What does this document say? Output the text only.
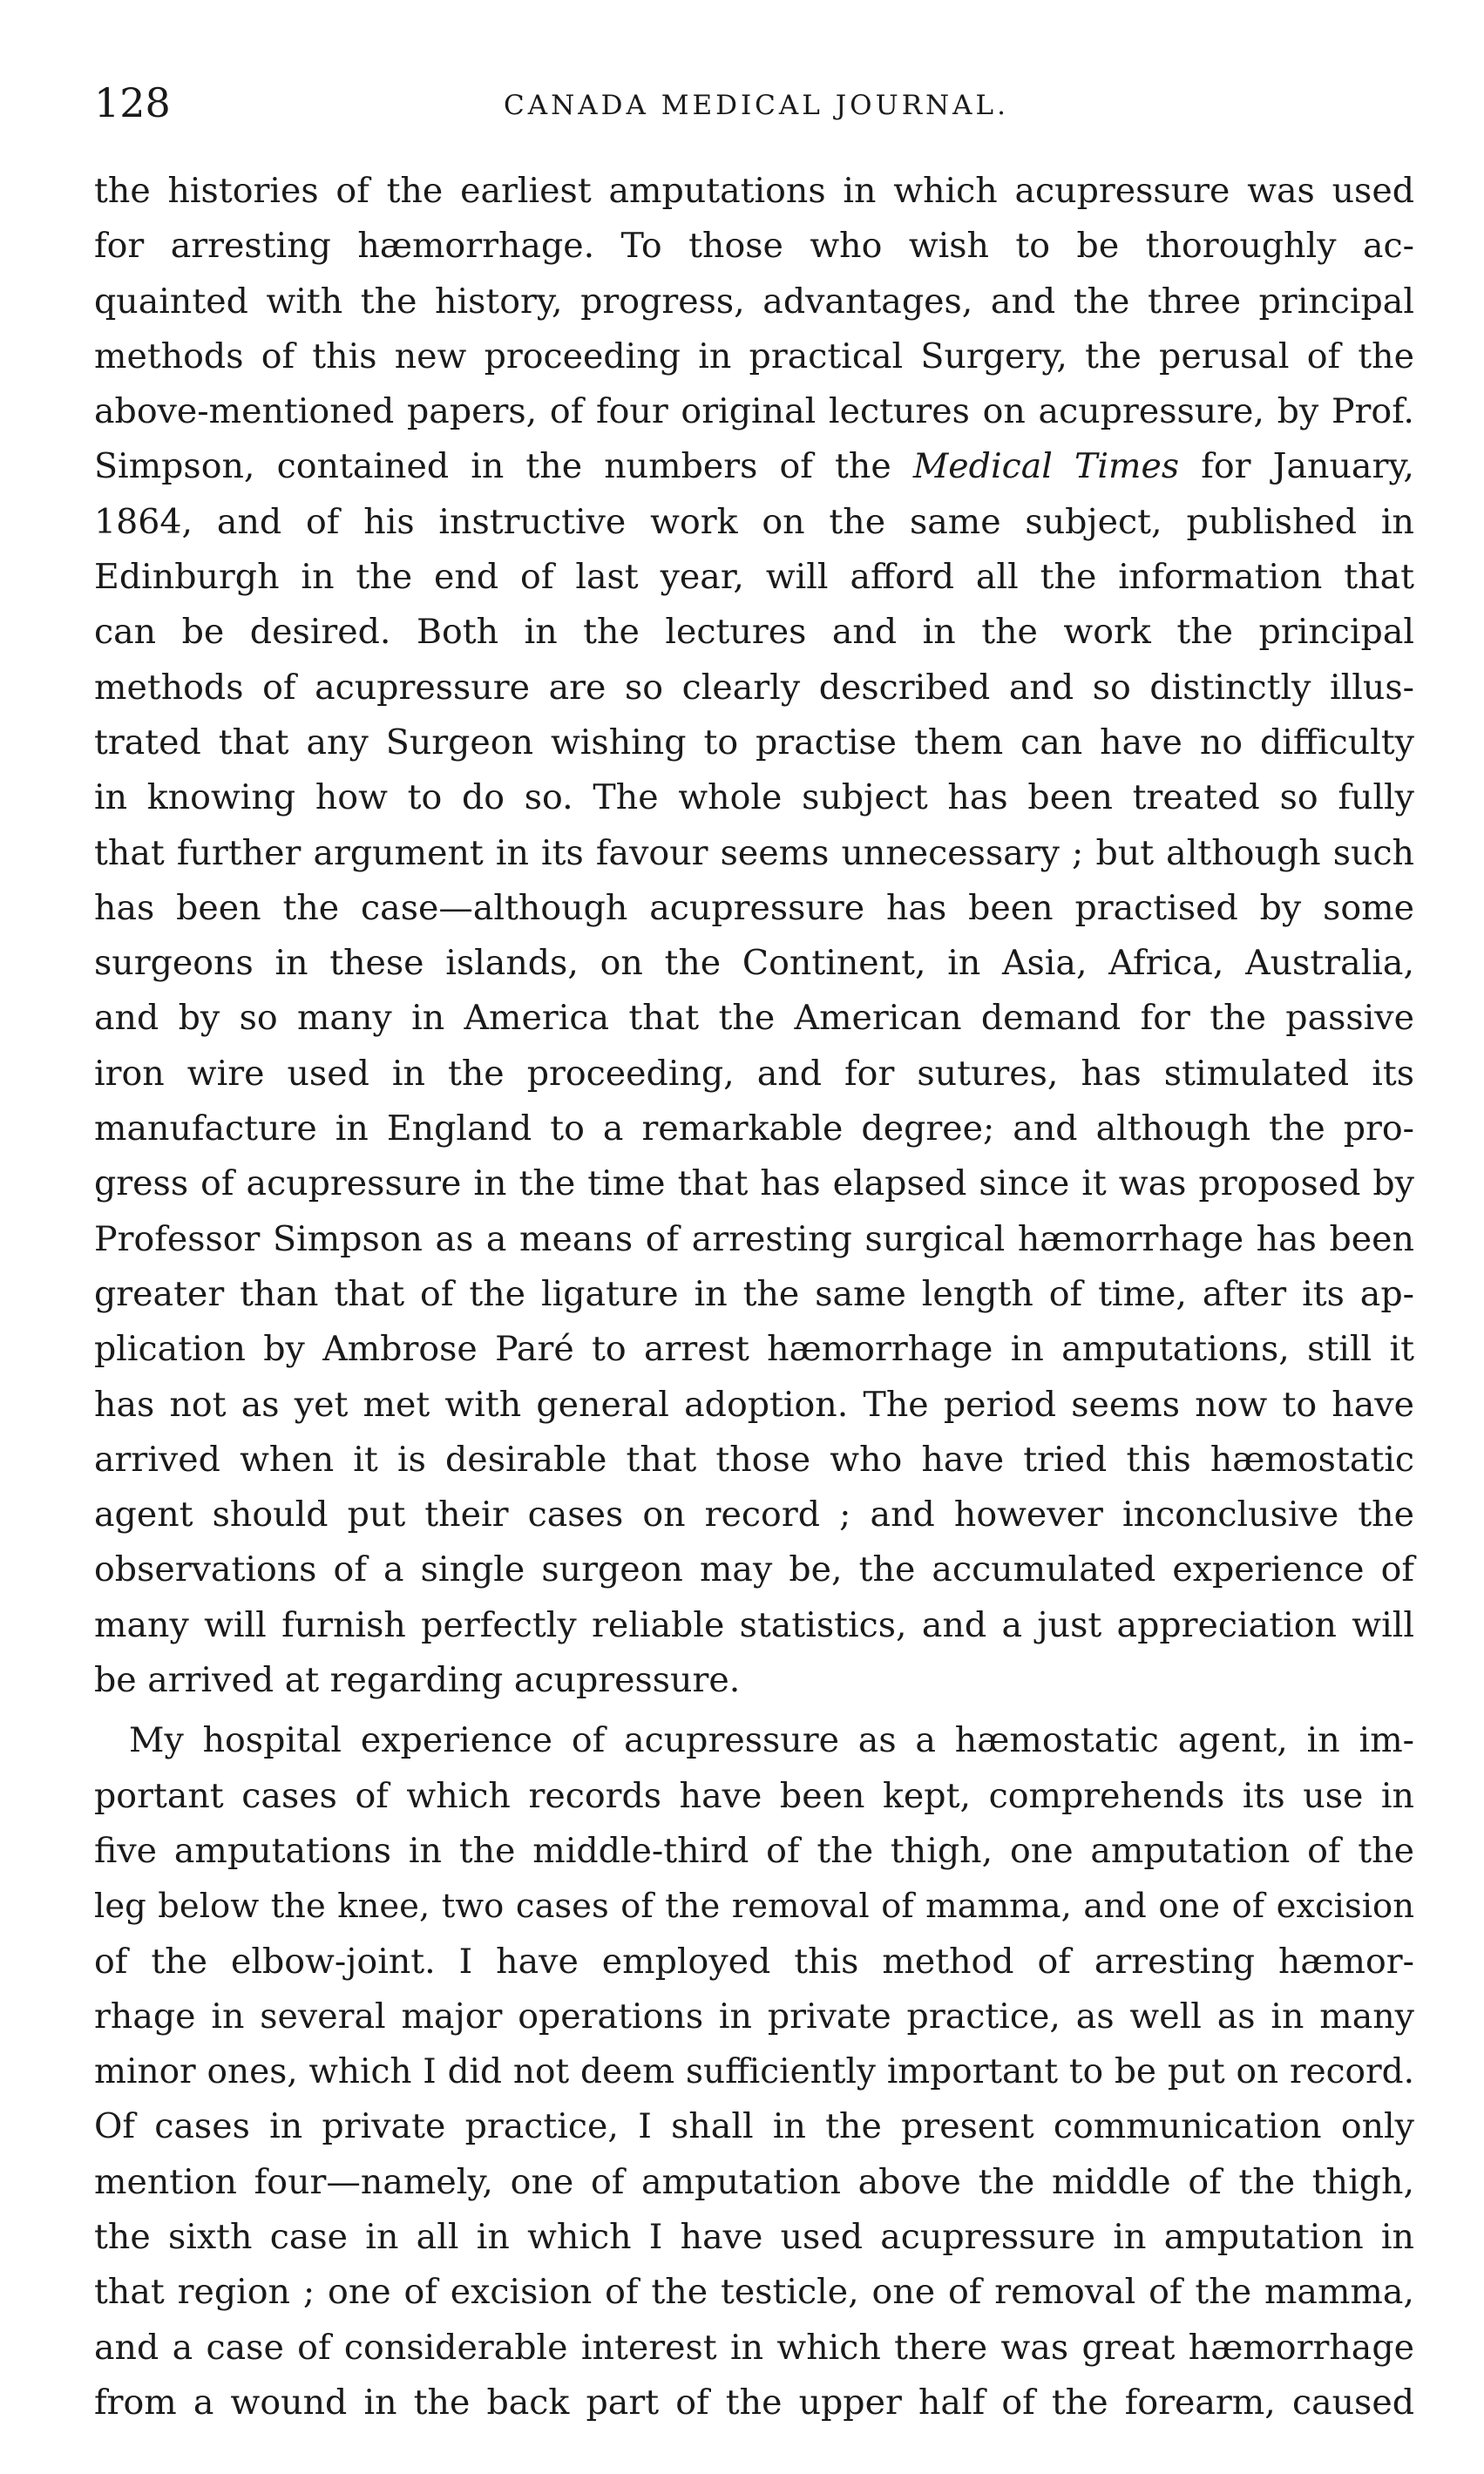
128	CANADA MEDICAL JOURNAL.
the histories of the earliest amputations in which acupressure was used
for arresting hæmorrhage. To those who wish to be thoroughly ac-
quainted with the history, progress, advantages, and the three principal
methods of this new proceeding in practical Surgery, the perusal of the
above-mentioned papers, of four original lectures on acupressure, by Prof.
Simpson, contained in the numbers of the Medical Times for January,
1864, and of his instructive work on the same subject, published in
Edinburgh in the end of last year, will afford all the information that
can be desired. Both in the lectures and in the work the principal
methods of acupressure are so clearly described and so distinctly illus-
trated that any Surgeon wishing to practise them can have no difficulty
in knowing how to do so. The whole subject has been treated so fully
that further argument in its favour seems unnecessary ; but although such
has been the case—although acupressure has been practised by some
surgeons in these islands, on the Continent, in Asia, Africa, Australia,
and by so many in America that the American demand for the passive
iron wire used in the proceeding, and for sutures, has stimulated its
manufacture in England to a remarkable degree; and although the pro-
gress of acupressure in the time that has elapsed since it was proposed by
Professor Simpson as a means of arresting surgical hæmorrhage has been
greater than that of the ligature in the same length of time, after its ap-
plication by Ambrose Paré to arrest hæmorrhage in amputations, still it
has not as yet met with general adoption. The period seems now to have
arrived when it is desirable that those who have tried this hæmostatic
agent should put their cases on record ; and however inconclusive the
observations of a single surgeon may be, the accumulated experience of
many will furnish perfectly reliable statistics, and a just appreciation will
be arrived at regarding acupressure.
My hospital experience of acupressure as a hæmostatic agent, in im-
portant cases of which records have been kept, comprehends its use in
five amputations in the middle-third of the thigh, one amputation of the
leg below the knee, two cases of the removal of mamma, and one of excision
of the elbow-joint. I have employed this method of arresting hæmor-
rhage in several major operations in private practice, as well as in many
minor ones, which I did not deem sufficiently important to be put on record.
Of cases in private practice, I shall in the present communication only
mention four—namely, one of amputation above the middle of the thigh,
the sixth case in all in which I have used acupressure in amputation in
that region ; one of excision of the testicle, one of removal of the mamma,
and a case of considerable interest in which there was great hæmorrhage
from a wound in the back part of the upper half of the forearm, caused
